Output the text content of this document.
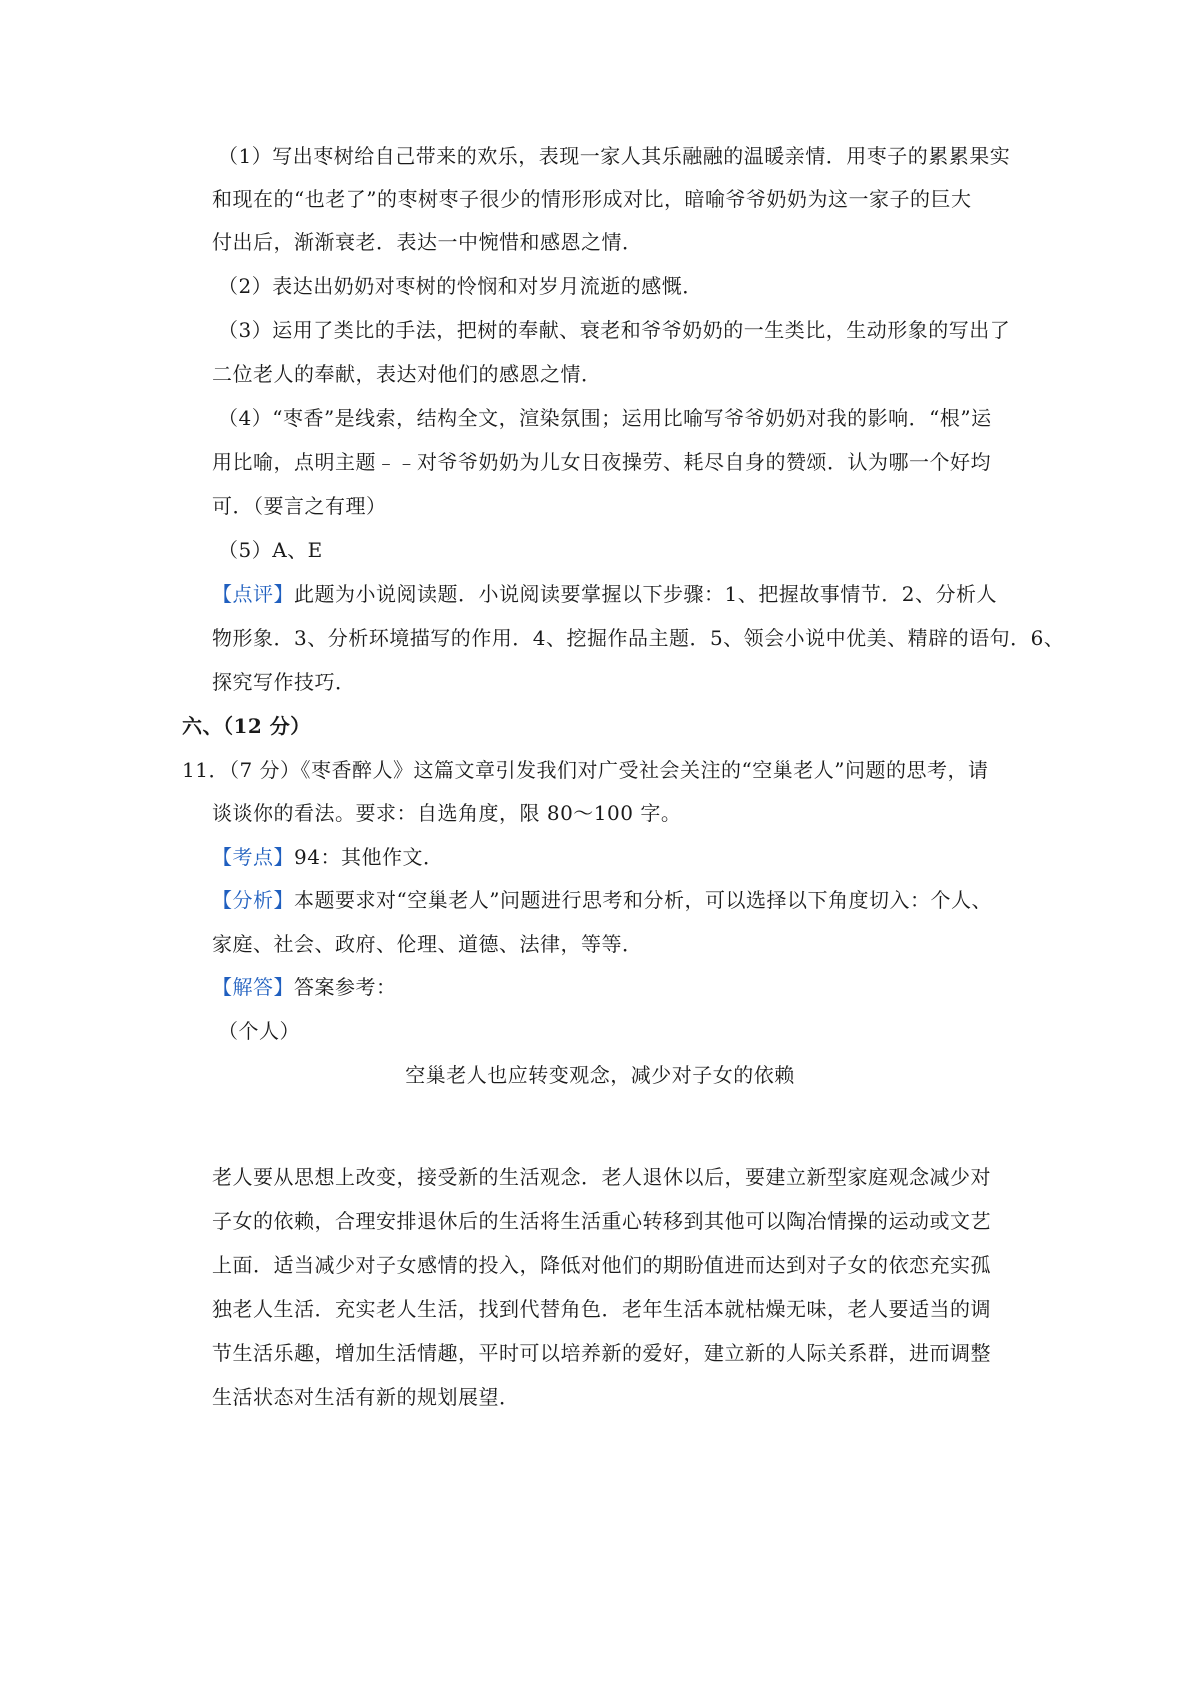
（1）写出枣树给自己带来的欢乐，表现一家人其乐融融的温暖亲情．用枣子的累累果实
和现在的“也老了”的枣树枣子很少的情形形成对比，暗喻爷爷奶奶为这一家子的巨大
付出后，渐渐衰老．表达一中惋惜和感恩之情．
（2）表达出奶奶对枣树的怜悯和对岁月流逝的感慨．
（3）运用了类比的手法，把树的奉献、衰老和爷爷奶奶的一生类比，生动形象的写出了
二位老人的奉献，表达对他们的感恩之情．
（4）“枣香”是线索，结构全文，渲染氛围；运用比喻写爷爷奶奶对我的影响．“根”运
用比喻，点明主题﹣﹣对爷爷奶奶为儿女日夜操劳、耗尽自身的赞颂．认为哪一个好均
可．（要言之有理）
（5）A、E
【点评】此题为小说阅读题．小说阅读要掌握以下步骤：1、把握故事情节．2、分析人
物形象．3、分析环境描写的作用．4、挖掘作品主题．5、领会小说中优美、精辟的语句．6、
探究写作技巧．
六、（12 分）
11．（7 分）《枣香醉人》这篇文章引发我们对广受社会关注的“空巢老人”问题的思考，请
谈谈你的看法。要求：自选角度，限 80～100 字。
【考点】94：其他作文．
【分析】本题要求对“空巢老人”问题进行思考和分析，可以选择以下角度切入：个人、
家庭、社会、政府、伦理、道德、法律，等等．
【解答】答案参考：
（个人）
空巢老人也应转变观念，减少对子女的依赖
老人要从思想上改变，接受新的生活观念．老人退休以后，要建立新型家庭观念减少对
子女的依赖，合理安排退休后的生活将生活重心转移到其他可以陶冶情操的运动或文艺
上面．适当减少对子女感情的投入，降低对他们的期盼值进而达到对子女的依恋充实孤
独老人生活．充实老人生活，找到代替角色．老年生活本就枯燥无味，老人要适当的调
节生活乐趣，增加生活情趣，平时可以培养新的爱好，建立新的人际关系群，进而调整
生活状态对生活有新的规划展望．
